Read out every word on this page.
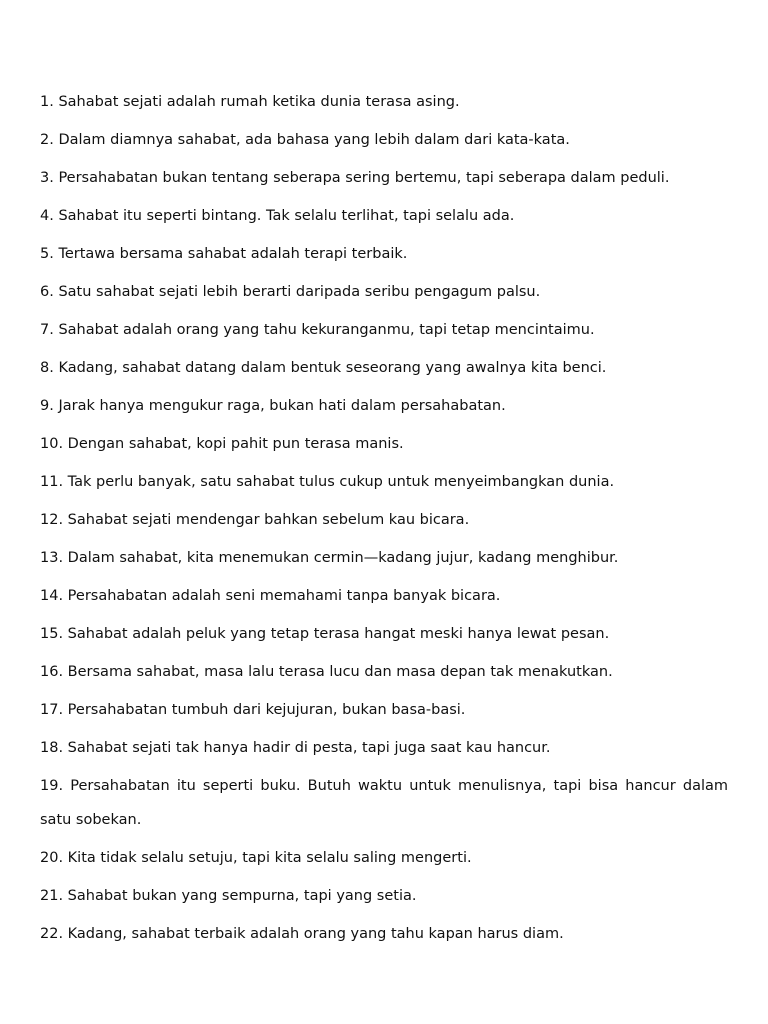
1. Sahabat sejati adalah rumah ketika dunia terasa asing.
2. Dalam diamnya sahabat, ada bahasa yang lebih dalam dari kata-kata.
3. Persahabatan bukan tentang seberapa sering bertemu, tapi seberapa dalam peduli.
4. Sahabat itu seperti bintang. Tak selalu terlihat, tapi selalu ada.
5. Tertawa bersama sahabat adalah terapi terbaik.
6. Satu sahabat sejati lebih berarti daripada seribu pengagum palsu.
7. Sahabat adalah orang yang tahu kekuranganmu, tapi tetap mencintaimu.
8. Kadang, sahabat datang dalam bentuk seseorang yang awalnya kita benci.
9. Jarak hanya mengukur raga, bukan hati dalam persahabatan.
10. Dengan sahabat, kopi pahit pun terasa manis.
11. Tak perlu banyak, satu sahabat tulus cukup untuk menyeimbangkan dunia.
12. Sahabat sejati mendengar bahkan sebelum kau bicara.
13. Dalam sahabat, kita menemukan cermin—kadang jujur, kadang menghibur.
14. Persahabatan adalah seni memahami tanpa banyak bicara.
15. Sahabat adalah peluk yang tetap terasa hangat meski hanya lewat pesan.
16. Bersama sahabat, masa lalu terasa lucu dan masa depan tak menakutkan.
17. Persahabatan tumbuh dari kejujuran, bukan basa-basi.
18. Sahabat sejati tak hanya hadir di pesta, tapi juga saat kau hancur.
19. Persahabatan itu seperti buku. Butuh waktu untuk menulisnya, tapi bisa hancur dalam satu sobekan.
20. Kita tidak selalu setuju, tapi kita selalu saling mengerti.
21. Sahabat bukan yang sempurna, tapi yang setia.
22. Kadang, sahabat terbaik adalah orang yang tahu kapan harus diam.
